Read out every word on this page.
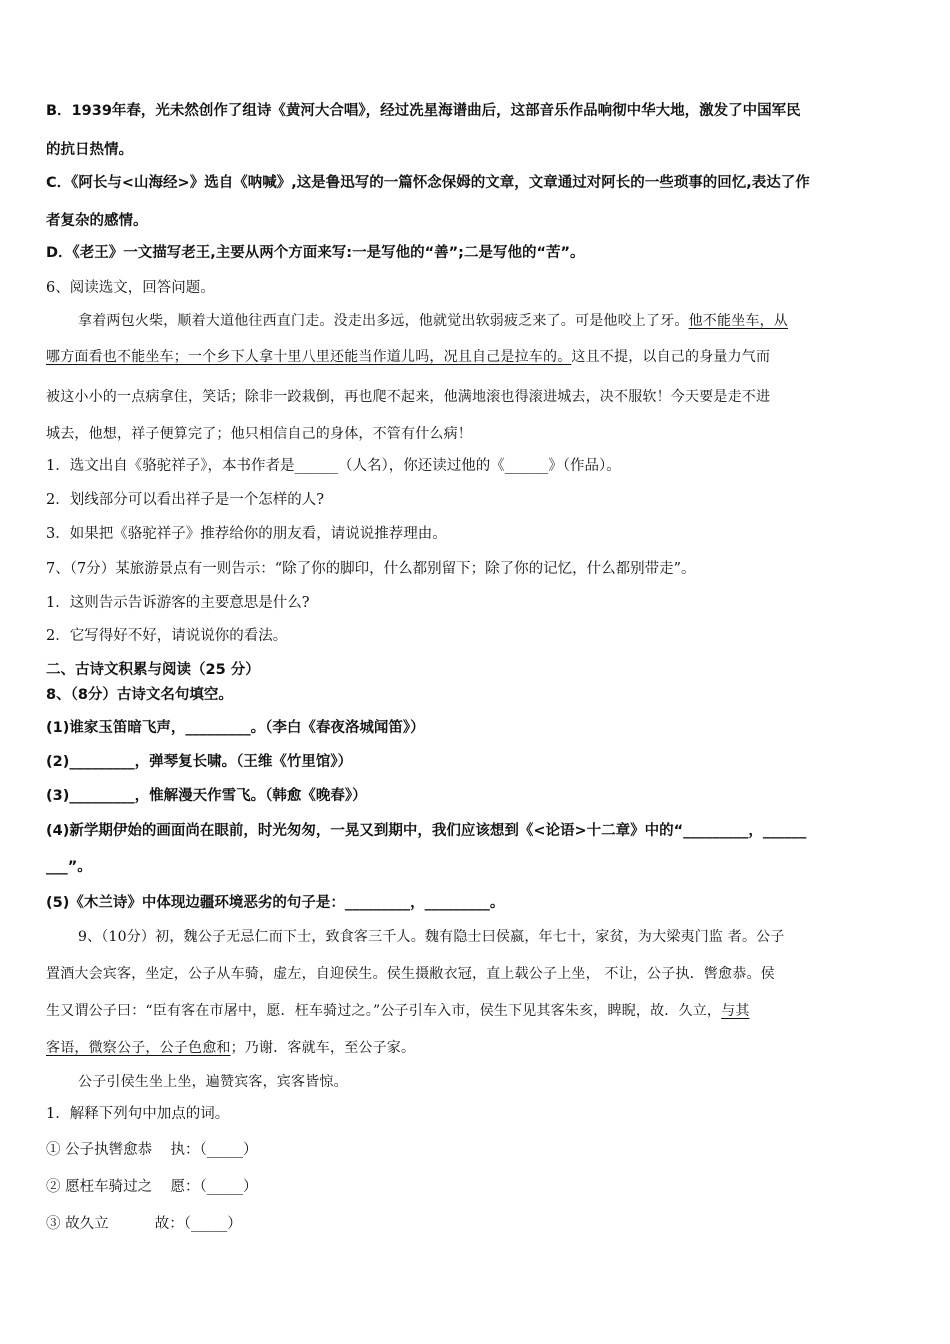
B．1939年春，光未然创作了组诗《黄河大合唱》，经过冼星海谱曲后，这部音乐作品响彻中华大地，激发了中国军民
的抗日热情。
C．《阿长与<山海经>》选自《呐喊》,这是鲁迅写的一篇怀念保姆的文章，文章通过对阿长的一些琐事的回忆,表达了作
者复杂的感情。
D．《老王》一文描写老王,主要从两个方面来写:一是写他的“善”;二是写他的“苦”。
6、阅读选文，回答问题。
拿着两包火柴，顺着大道他往西直门走。没走出多远，他就觉出软弱疲乏来了。可是他咬上了牙。他不能坐车，从
哪方面看也不能坐车；一个乡下人拿十里八里还能当作道儿吗，况且自己是拉车的。这且不提，以自己的身量力气而
被这小小的一点病拿住，笑话；除非一跤栽倒，再也爬不起来，他满地滚也得滚进城去，决不服软！今天要是走不进
城去，他想，祥子便算完了；他只相信自己的身体，不管有什么病！
1．选文出自《骆驼祥子》，本书作者是______（人名），你还读过他的《______》（作品）。
2．划线部分可以看出祥子是一个怎样的人?
3．如果把《骆驼祥子》推荐给你的朋友看，请说说推荐理由。
7、（7分）某旅游景点有一则告示：“除了你的脚印，什么都别留下；除了你的记忆，什么都别带走”。
1．这则告示告诉游客的主要意思是什么?
2．它写得好不好，请说说你的看法。
二、古诗文积累与阅读（25 分）
8、（8分）古诗文名句填空。
(1)谁家玉笛暗飞声，_________。（李白《春夜洛城闻笛》）
(2)_________，弹琴复长啸。（王维《竹里馆》）
(3)_________，惟解漫天作雪飞。（韩愈《晚春》）
(4)新学期伊始的画面尚在眼前，时光匆匆，一晃又到期中，我们应该想到《<论语>十二章》中的“_________，______
___”。
(5)《木兰诗》中体现边疆环境恶劣的句子是：_________，_________。
9、（10分）初，魏公子无忌仁而下士，致食客三千人。魏有隐士曰侯嬴，年七十，家贫，为大梁夷门监 者。公子
置酒大会宾客，坐定，公子从车骑，虚左，自迎侯生。侯生摄敝衣冠，直上载公子上坐， 不让，公子执．辔愈恭。侯
生又谓公子曰：“臣有客在市屠中，愿．枉车骑过之。”公子引车入市，侯生下见其客朱亥，睥睨，故．久立，与其
客语，微察公子，公子色愈和；乃谢．客就车，至公子家。
公子引侯生坐上坐，遍赞宾客，宾客皆惊。
1．解释下列句中加点的词。
① 公子执辔愈恭    执：（_____）
② 愿枉车骑过之    愿：（_____）
③ 故久立          故：（_____）
